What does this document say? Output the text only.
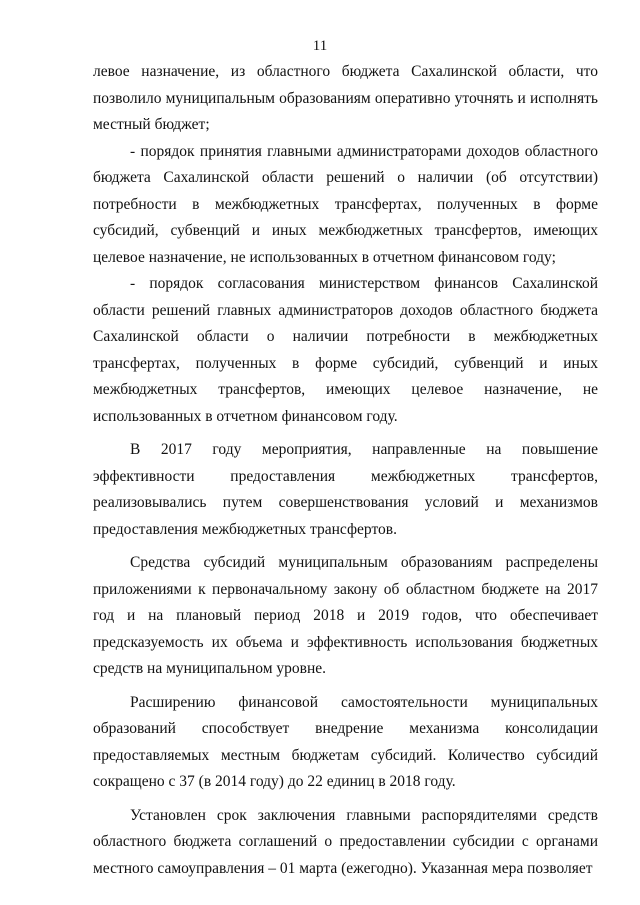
11

левое назначение, из областного бюджета Сахалинской области, что позволило муниципальным образованиям оперативно уточнять и исполнять местный бюджет;

- порядок принятия главными администраторами доходов областного бюджета Сахалинской области решений о наличии (об отсутствии) потребности в межбюджетных трансфертах, полученных в форме субсидий, субвенций и иных межбюджетных трансфертов, имеющих целевое назначение, не использованных в отчетном финансовом году;

- порядок согласования министерством финансов Сахалинской области решений главных администраторов доходов областного бюджета Сахалинской области о наличии потребности в межбюджетных трансфертах, полученных в форме субсидий, субвенций и иных межбюджетных трансфертов, имеющих целевое назначение, не использованных в отчетном финансовом году.

В 2017 году мероприятия, направленные на повышение эффективности предоставления межбюджетных трансфертов, реализовывались путем совершенствования условий и механизмов предоставления межбюджетных трансфертов.

Средства субсидий муниципальным образованиям распределены приложениями к первоначальному закону об областном бюджете на 2017 год и на плановый период 2018 и 2019 годов, что обеспечивает предсказуемость их объема и эффективность использования бюджетных средств на муниципальном уровне.

Расширению финансовой самостоятельности муниципальных образований способствует внедрение механизма консолидации предоставляемых местным бюджетам субсидий. Количество субсидий сокращено с 37 (в 2014 году) до 22 единиц в 2018 году.

Установлен срок заключения главными распорядителями средств областного бюджета соглашений о предоставлении субсидии с органами местного самоуправления – 01 марта (ежегодно). Указанная мера позволяет
